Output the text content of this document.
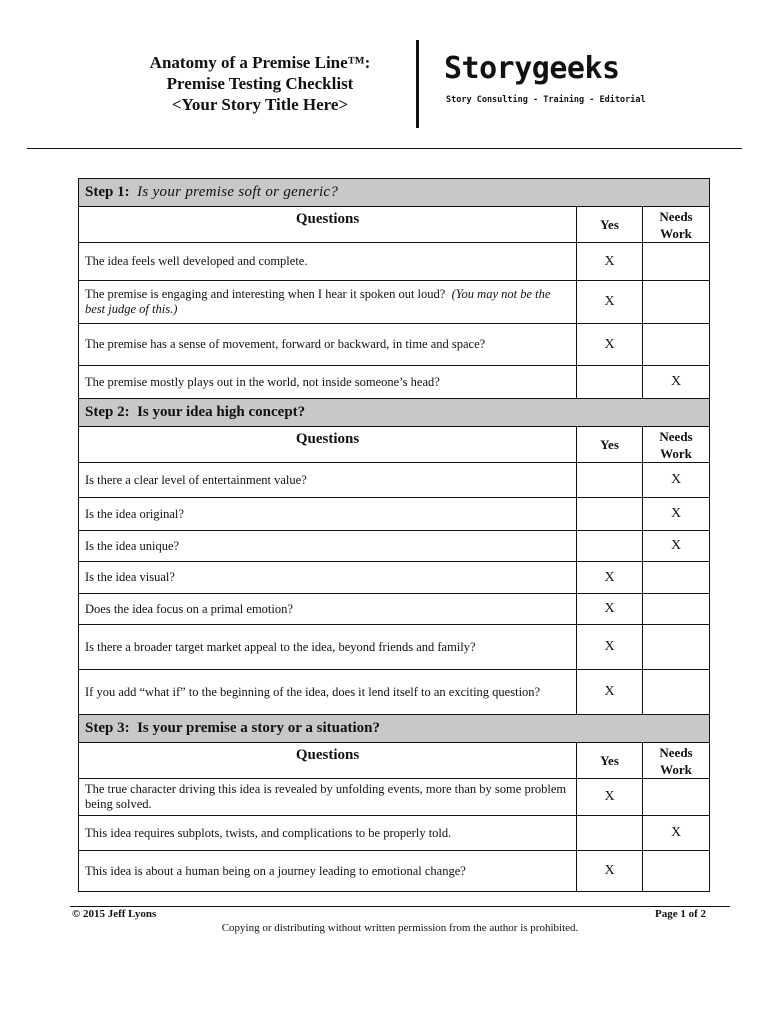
Anatomy of a Premise Line™:
Premise Testing Checklist
<Your Story Title Here>
Storygeeks
Story Consulting - Training - Editorial
Step 1: Is your premise soft or generic?		
Questions	Yes	Needs
Work

The idea feels well developed and complete.	X	
The premise is engaging and interesting when I hear it spoken out loud? (You may not be the best judge of this.)	X	
The premise has a sense of movement, forward or backward, in time and space?	X	
The premise mostly plays out in the world, not inside someone’s head?		X
Step 2: Is your idea high concept?		
Questions	Yes	Needs
Work

Is there a clear level of entertainment value?		X
Is the idea original?		X
Is the idea unique?		X
Is the idea visual?	X	
Does the idea focus on a primal emotion?	X	
Is there a broader target market appeal to the idea, beyond friends and family?	X	
If you add “what if” to the beginning of the idea, does it lend itself to an exciting question?	X	
Step 3: Is your premise a story or a situation?		
Questions	Yes	Needs
Work

The true character driving this idea is revealed by unfolding events, more than by some problem being solved.	X	
This idea requires subplots, twists, and complications to be properly told.		X
This idea is about a human being on a journey leading to emotional change?	X	
© 2015 Jeff Lyons	Page 1 of 2
Copying or distributing without written permission from the author is prohibited.
